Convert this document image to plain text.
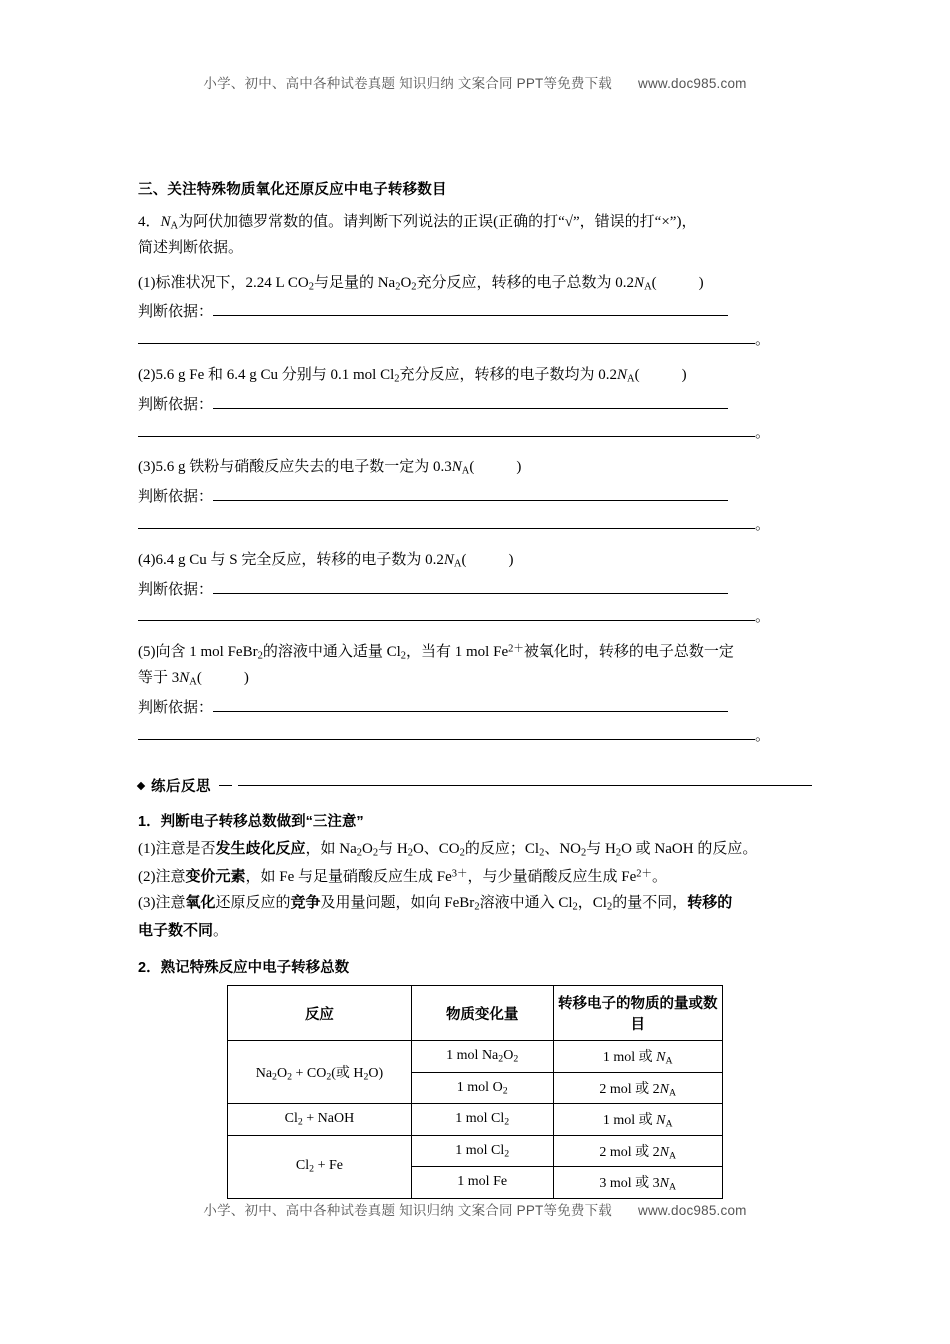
小学、初中、高中各种试卷真题 知识归纳 文案合同 PPT等免费下载 www.doc985.com
三、关注特殊物质氧化还原反应中电子转移数目

4．$N_A$为阿伏加德罗常数的值。请判断下列说法的正误(正确的打“√”，错误的打“×”)，

简述判断依据。

(1)标准状况下，2.24 L $CO_2$与足量的 $Na_2O_2$充分反应，转移的电子总数为 $0.2N_A$(	)
判断依据：
。
(2)5.6 g Fe 和 6.4 g Cu 分别与 0.1 mol $Cl_2$充分反应，转移的电子数均为 $0.2N_A$(	)
判断依据：
。
(3)5.6 g 铁粉与硝酸反应失去的电子数一定为 $0.3N_A$(	)
判断依据：
。
(4)6.4 g Cu 与 S 完全反应，转移的电子数为 $0.2N_A$(	)
判断依据：
。
(5)向含 1 mol FeBr$_2$的溶液中通入适量 $Cl_2$，当有 1 mol $Fe^{2+}$被氧化时，转移的电子总数一定
等于 $3N_A$(	)
判断依据：
。
练后反思
1．判断电子转移总数做到“三注意”

(1)注意是否发生歧化反应，如 $Na_2O_2$与 $H_2O$、$CO_2$的反应；$Cl_2$、$NO_2$与 $H_2O$ 或 NaOH 的反应。

(2)注意变价元素，如 Fe 与足量硝酸反应生成 $Fe^{3+}$，与少量硝酸反应生成 $Fe^{2+}$。

(3)注意氧化还原反应的竞争及用量问题，如向 FeBr$_2$溶液中通入 $Cl_2$，$Cl_2$的量不同，转移的

电子数不同。

2．熟记特殊反应中电子转移总数
反应	物质变化量	转移电子的物质的量或数目
$Na_2O_2 + CO_2$(或 $H_2O$)	1 mol $Na_2O_2$	1 mol 或 $N_A$
	1 mol $O_2$	2 mol 或 $2N_A$
$Cl_2$ + NaOH	1 mol $Cl_2$	1 mol 或 $N_A$
$Cl_2 + Fe$	1 mol $Cl_2$	2 mol 或 $2N_A$
	1 mol Fe	3 mol 或 $3N_A$
小学、初中、高中各种试卷真题 知识归纳 文案合同 PPT等免费下载 www.doc985.com
